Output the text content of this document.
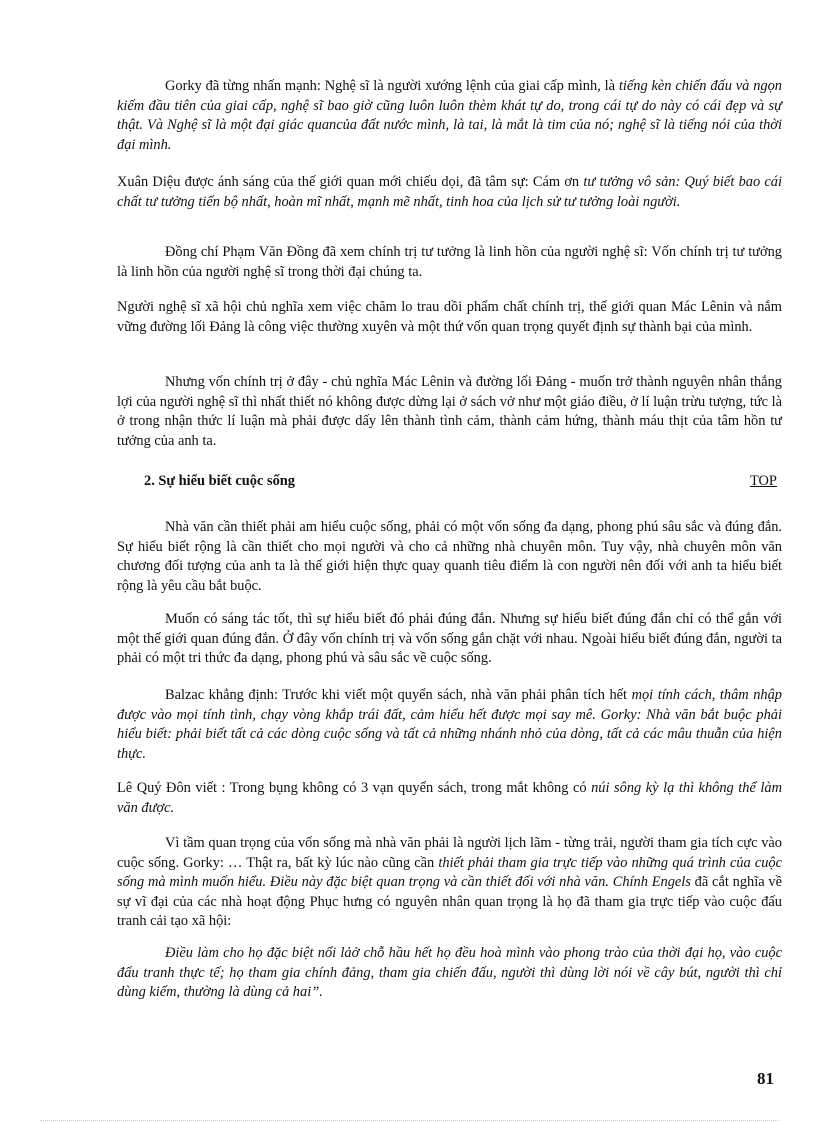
Gorky đã từng nhấn mạnh: Nghệ sĩ là người xướng lệnh của giai cấp mình, là tiếng kèn chiến đấu và ngọn kiếm đầu tiên của giai cấp, nghệ sĩ bao giờ cũng luôn luôn thèm khát tự do, trong cái tự do này có cái đẹp và sự thật. Và Nghệ sĩ là một đại giác quancủa đất nước mình, là tai, là mắt là tim của nó; nghệ sĩ là tiếng nói của thời đại mình.

Xuân Diệu được ánh sáng của thế giới quan mới chiếu dọi, đã tâm sự: Cám ơn tư tưởng vô sản: Quý biết bao cái chất tư tưởng tiến bộ nhất, hoàn mĩ nhất, mạnh mẽ nhất, tinh hoa của lịch sử tư tưởng loài người.

Đồng chí Phạm Văn Đồng đã xem chính trị tư tưởng là linh hồn của người nghệ sĩ: Vốn chính trị tư tưởng là linh hồn của người nghệ sĩ trong thời đại chúng ta.

Người nghệ sĩ xã hội chủ nghĩa xem việc chăm lo trau dồi phẩm chất chính trị, thế giới quan Mác Lênin và nắm vững đường lối Đảng là công việc thường xuyên và một thứ vốn quan trọng quyết định sự thành bại của mình.

Nhưng vốn chính trị ở đây - chủ nghĩa Mác Lênin và đường lối Đảng - muốn trở thành nguyên nhân thắng lợi của người nghệ sĩ thì nhất thiết nó không được dừng lại ở sách vở như một giáo điều, ở lí luận trừu tượng, tức là ở trong nhận thức lí luận mà phải được dấy lên thành tình cảm, thành cảm hứng, thành máu thịt của tâm hồn tư tưởng của anh ta.

2. Sự hiểu biết cuộc sống	TOP

Nhà văn cần thiết phải am hiểu cuộc sống, phải có một vốn sống đa dạng, phong phú sâu sắc và đúng đắn. Sự hiểu biết rộng là cần thiết cho mọi người và cho cả những nhà chuyên môn. Tuy vậy, nhà chuyên môn văn chương đối tượng của anh ta là thế giới hiện thực quay quanh tiêu điểm là con người nên đối với anh ta hiểu biết rộng là yêu cầu bắt buộc.

Muốn có sáng tác tốt, thì sự hiểu biết đó phải đúng đắn. Nhưng sự hiểu biết đúng đắn chỉ có thể gắn với một thế giới quan đúng đắn. Ở đây vốn chính trị và vốn sống gắn chặt với nhau. Ngoài hiểu biết đúng đắn, người ta phải có một tri thức đa dạng, phong phú và sâu sắc về cuộc sống.

Balzac khẳng định: Trước khi viết một quyển sách, nhà văn phải phân tích hết mọi tính cách, thâm nhập được vào mọi tính tình, chạy vòng khắp trái đất, cảm hiểu hết được mọi say mê. Gorky: Nhà văn bắt buộc phải hiểu biết: phải biết tất cả các dòng cuộc sống và tất cả những nhánh nhỏ của dòng, tất cả các mâu thuẫn của hiện thực.

Lê Quý Đôn viết : Trong bụng không có 3 vạn quyển sách, trong mắt không có núi sông kỳ lạ thì không thể làm văn được.

Vì tầm quan trọng của vốn sống mà nhà văn phải là người lịch lãm - từng trải, người tham gia tích cực vào cuộc sống. Gorky: … Thật ra, bất kỳ lúc nào cũng cần thiết phải tham gia trực tiếp vào những quá trình của cuộc sống mà mình muốn hiểu. Điều này đặc biệt quan trọng và cần thiết đối với nhà văn. Chính Engels đã cắt nghĩa về sự vĩ đại của các nhà hoạt động Phục hưng có nguyên nhân quan trọng là họ đã tham gia trực tiếp vào cuộc đấu tranh cải tạo xã hội:

Điều làm cho họ đặc biệt nổi lảở chỗ hầu hết họ đều hoà mình vào phong trào của thời đại họ, vào cuộc đấu tranh thực tế; họ tham gia chính đảng, tham gia chiến đấu, người thì dùng lời nói về cây bút, người thì chỉ dùng kiếm, thường là dùng cả hai”.

81
